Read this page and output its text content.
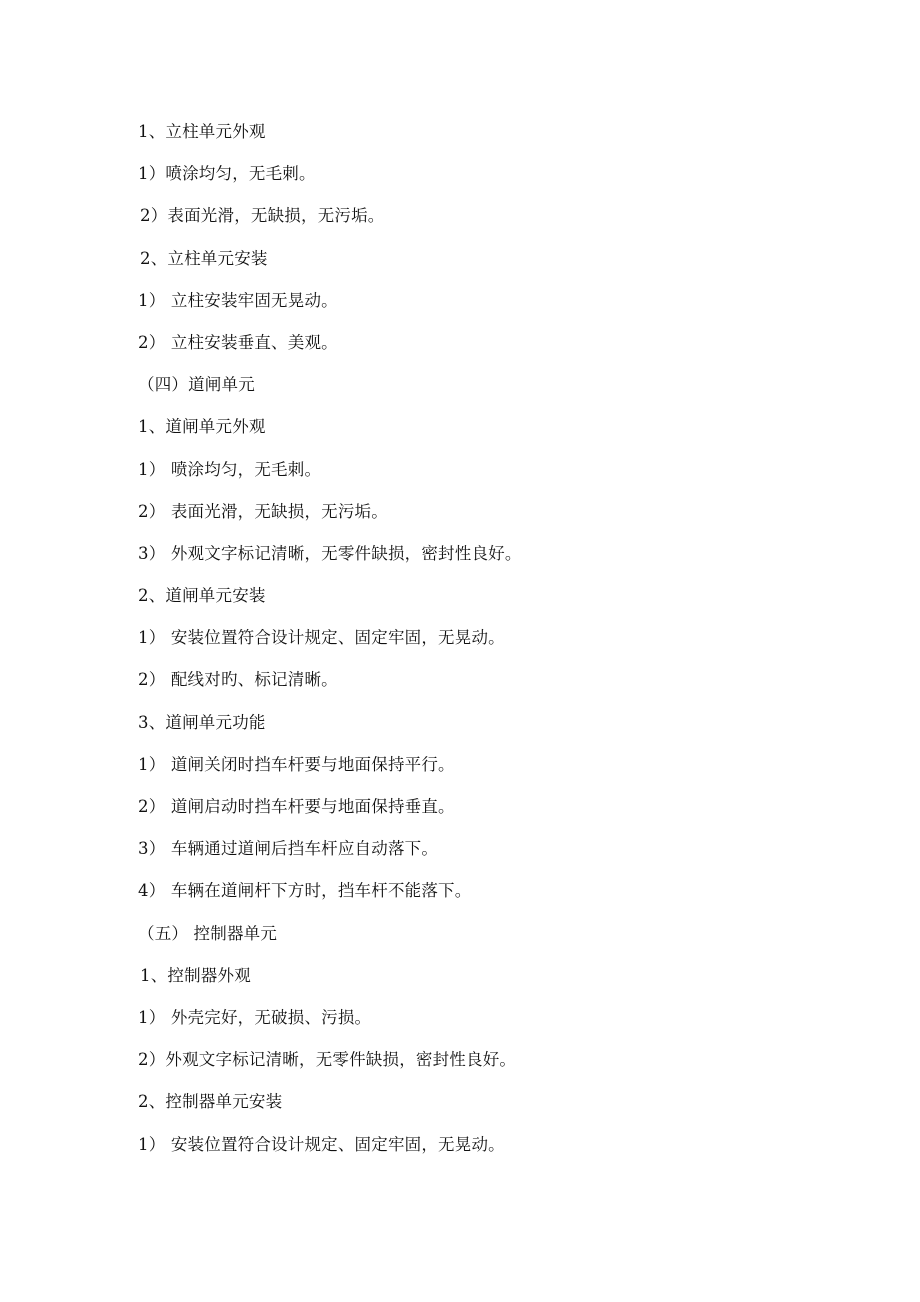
1、立柱单元外观
1）喷涂均匀，无毛刺。
2）表面光滑，无缺损，无污垢。
2、立柱单元安装
1） 立柱安装牢固无晃动。
2） 立柱安装垂直、美观。
（四）道闸单元
1、道闸单元外观
1） 喷涂均匀，无毛刺。
2） 表面光滑，无缺损，无污垢。
3） 外观文字标记清晰，无零件缺损，密封性良好。
2、道闸单元安装
1） 安装位置符合设计规定、固定牢固，无晃动。
2） 配线对旳、标记清晰。
3、道闸单元功能
1） 道闸关闭时挡车杆要与地面保持平行。
2） 道闸启动时挡车杆要与地面保持垂直。
3） 车辆通过道闸后挡车杆应自动落下。
4） 车辆在道闸杆下方时，挡车杆不能落下。
（五） 控制器单元
1、控制器外观
1） 外壳完好，无破损、污损。
2）外观文字标记清晰，无零件缺损，密封性良好。
2、控制器单元安装
1） 安装位置符合设计规定、固定牢固，无晃动。
